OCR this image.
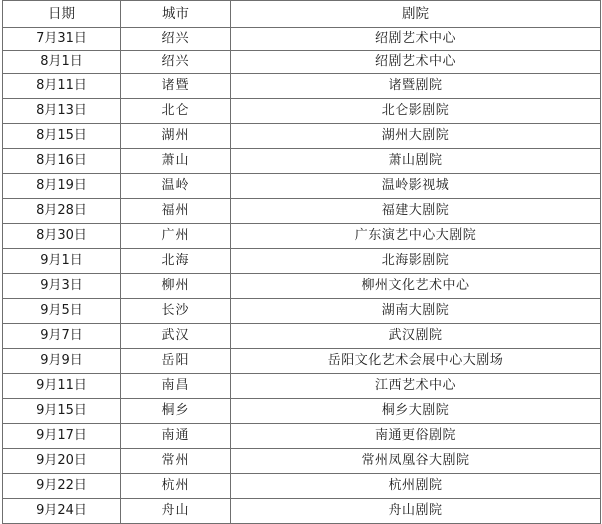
日期	城市	剧院
7月31日	绍兴	绍剧艺术中心
8月1日	绍兴	绍剧艺术中心
8月11日	诸暨	诸暨剧院
8月13日	北仑	北仑影剧院
8月15日	湖州	湖州大剧院
8月16日	萧山	萧山剧院
8月19日	温岭	温岭影视城
8月28日	福州	福建大剧院
8月30日	广州	广东演艺中心大剧院
9月1日	北海	北海影剧院
9月3日	柳州	柳州文化艺术中心
9月5日	长沙	湖南大剧院
9月7日	武汉	武汉剧院
9月9日	岳阳	岳阳文化艺术会展中心大剧场
9月11日	南昌	江西艺术中心
9月15日	桐乡	桐乡大剧院
9月17日	南通	南通更俗剧院
9月20日	常州	常州凤凰谷大剧院
9月22日	杭州	杭州剧院
9月24日	舟山	舟山剧院
